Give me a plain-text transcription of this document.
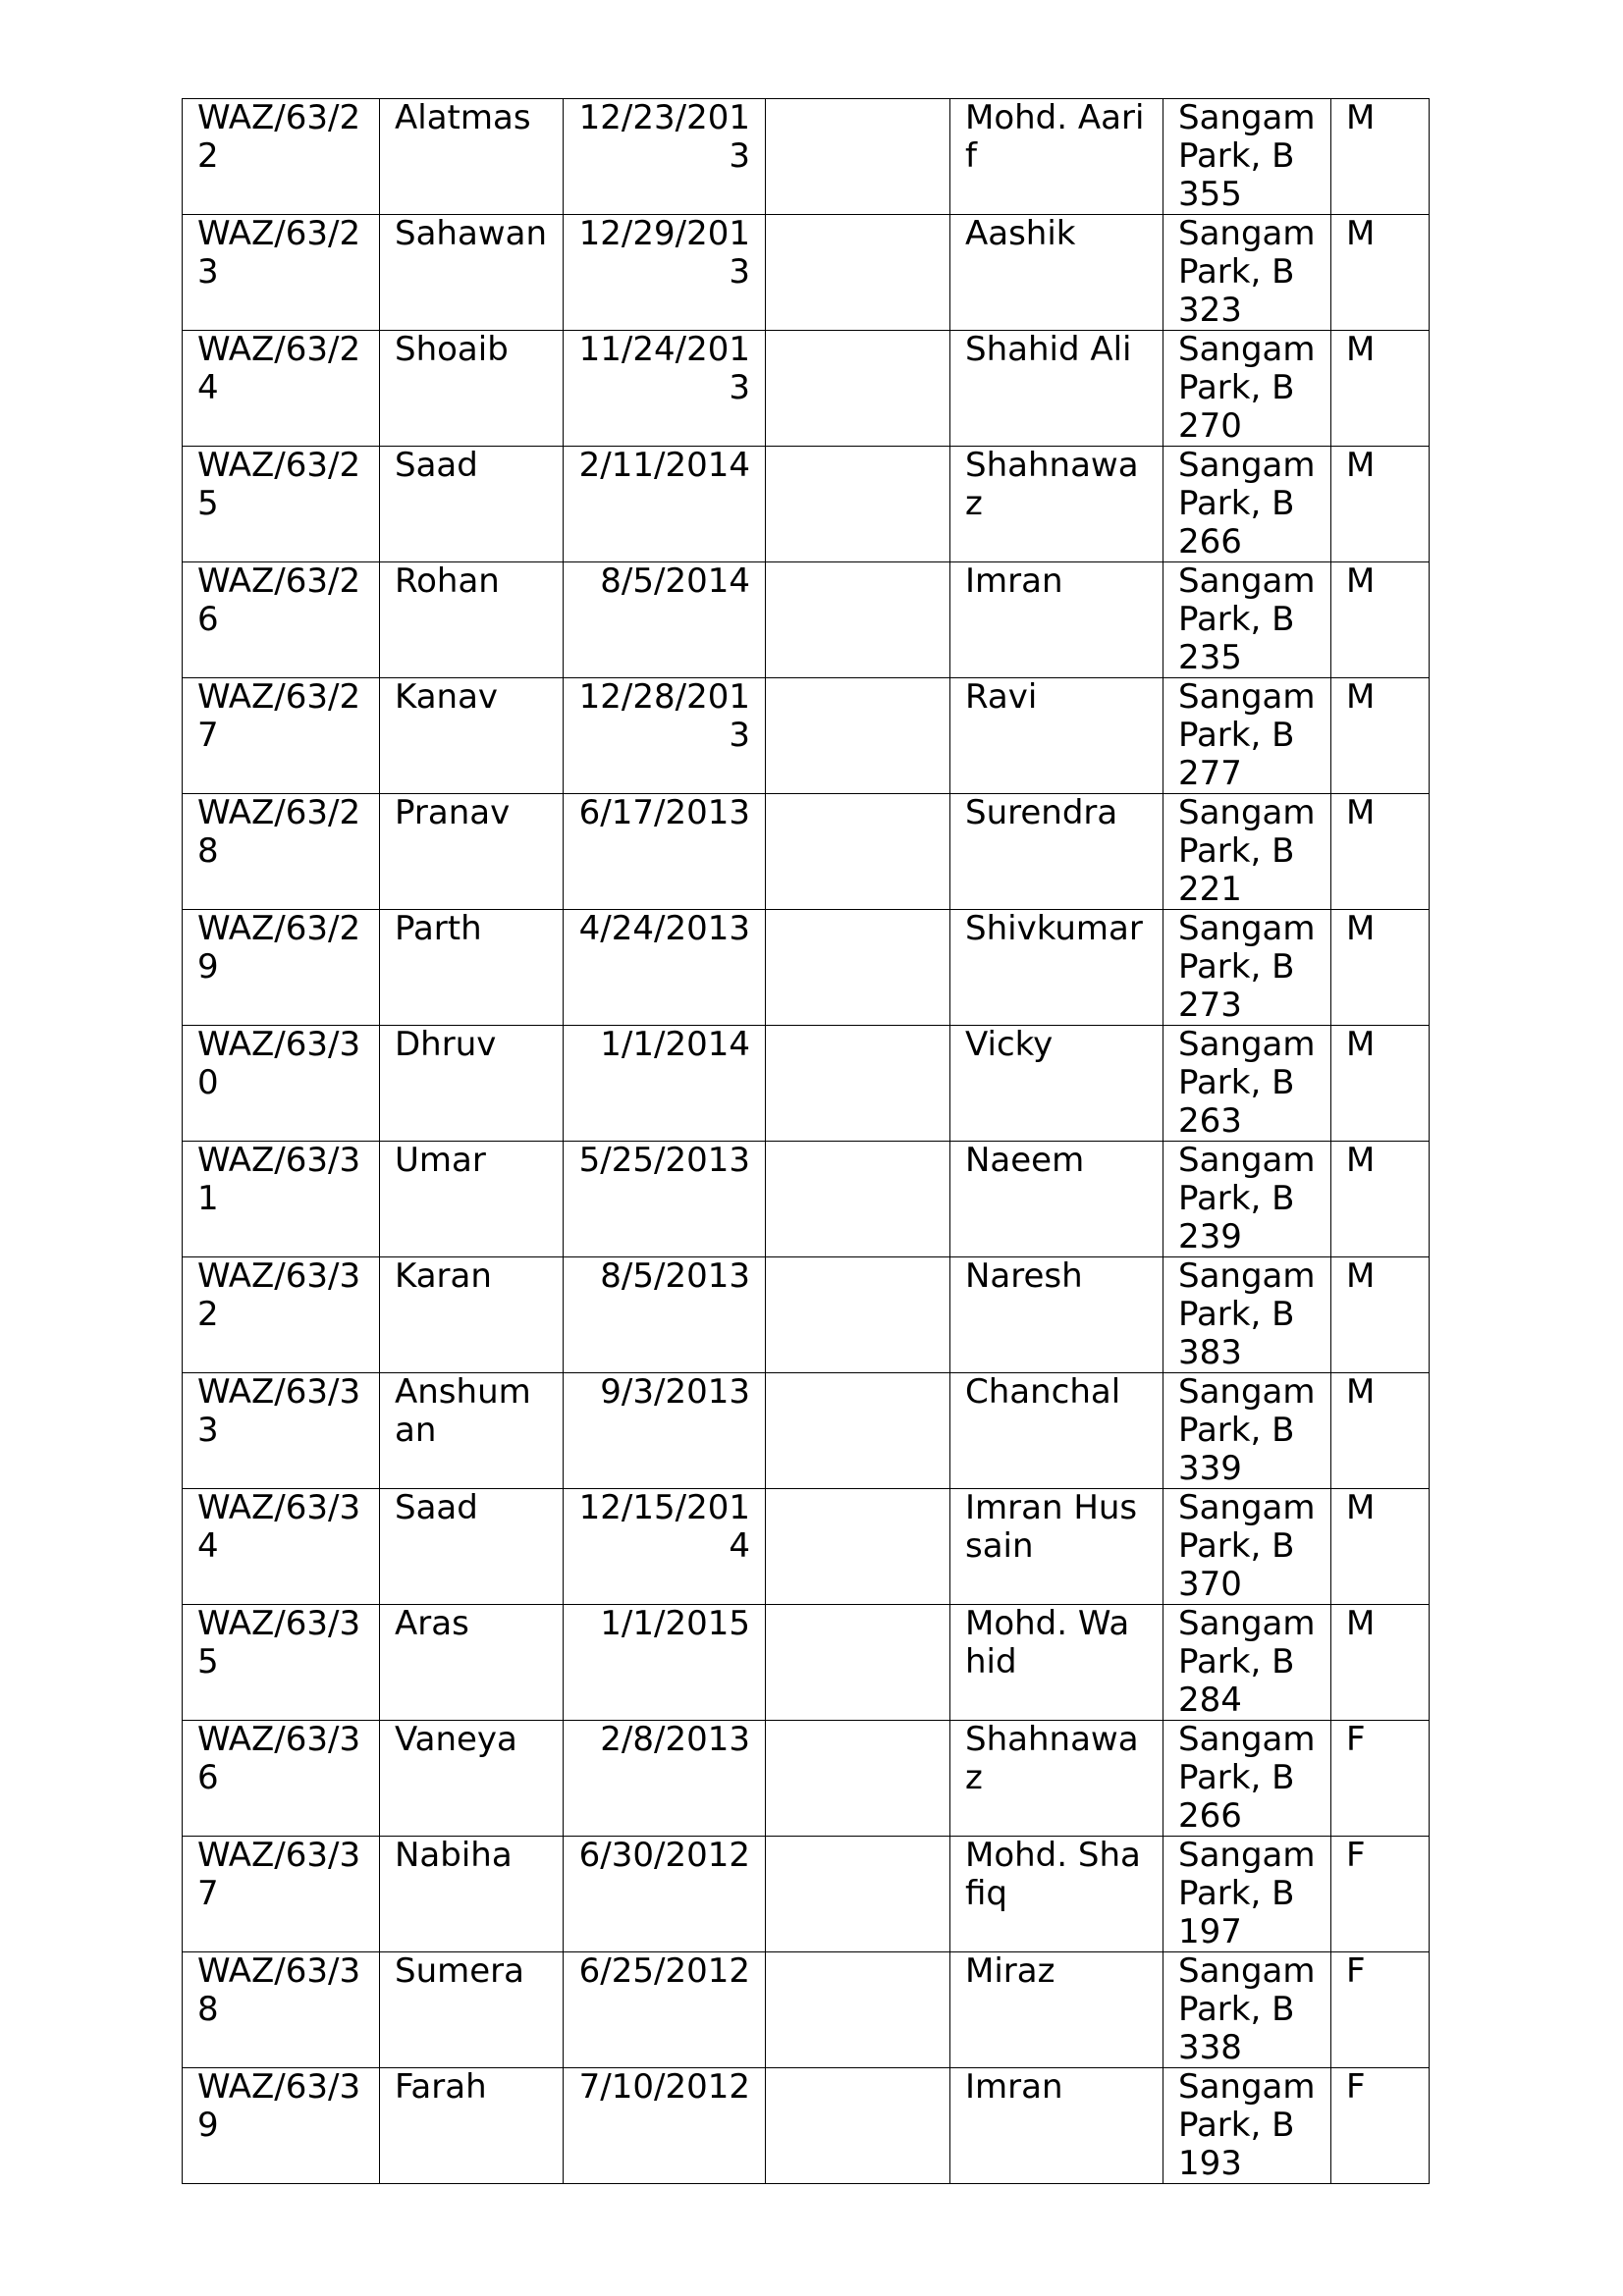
WAZ/63/22	Alatmas	12/23/2013		Mohd. Aarif	Sangam Park, B355	M
WAZ/63/23	Sahawan	12/29/2013		Aashik	Sangam Park, B323	M
WAZ/63/24	Shoaib	11/24/2013		Shahid Ali	Sangam Park, B270	M
WAZ/63/25	Saad	2/11/2014		Shahnawaz	Sangam Park, B266	M
WAZ/63/26	Rohan	8/5/2014		Imran	Sangam Park, B235	M
WAZ/63/27	Kanav	12/28/2013		Ravi	Sangam Park, B277	M
WAZ/63/28	Pranav	6/17/2013		Surendra	Sangam Park, B221	M
WAZ/63/29	Parth	4/24/2013		Shivkumar	Sangam Park, B273	M
WAZ/63/30	Dhruv	1/1/2014		Vicky	Sangam Park, B263	M
WAZ/63/31	Umar	5/25/2013		Naeem	Sangam Park, B239	M
WAZ/63/32	Karan	8/5/2013		Naresh	Sangam Park, B383	M
WAZ/63/33	Anshuman	9/3/2013		Chanchal	Sangam Park, B339	M
WAZ/63/34	Saad	12/15/2014		Imran Hussain	Sangam Park, B370	M
WAZ/63/35	Aras	1/1/2015		Mohd. Wahid	Sangam Park, B284	M
WAZ/63/36	Vaneya	2/8/2013		Shahnawaz	Sangam Park, B266	F
WAZ/63/37	Nabiha	6/30/2012		Mohd. Shafiq	Sangam Park, B197	F
WAZ/63/38	Sumera	6/25/2012		Miraz	Sangam Park, B338	F
WAZ/63/39	Farah	7/10/2012		Imran	Sangam Park, B193	F
